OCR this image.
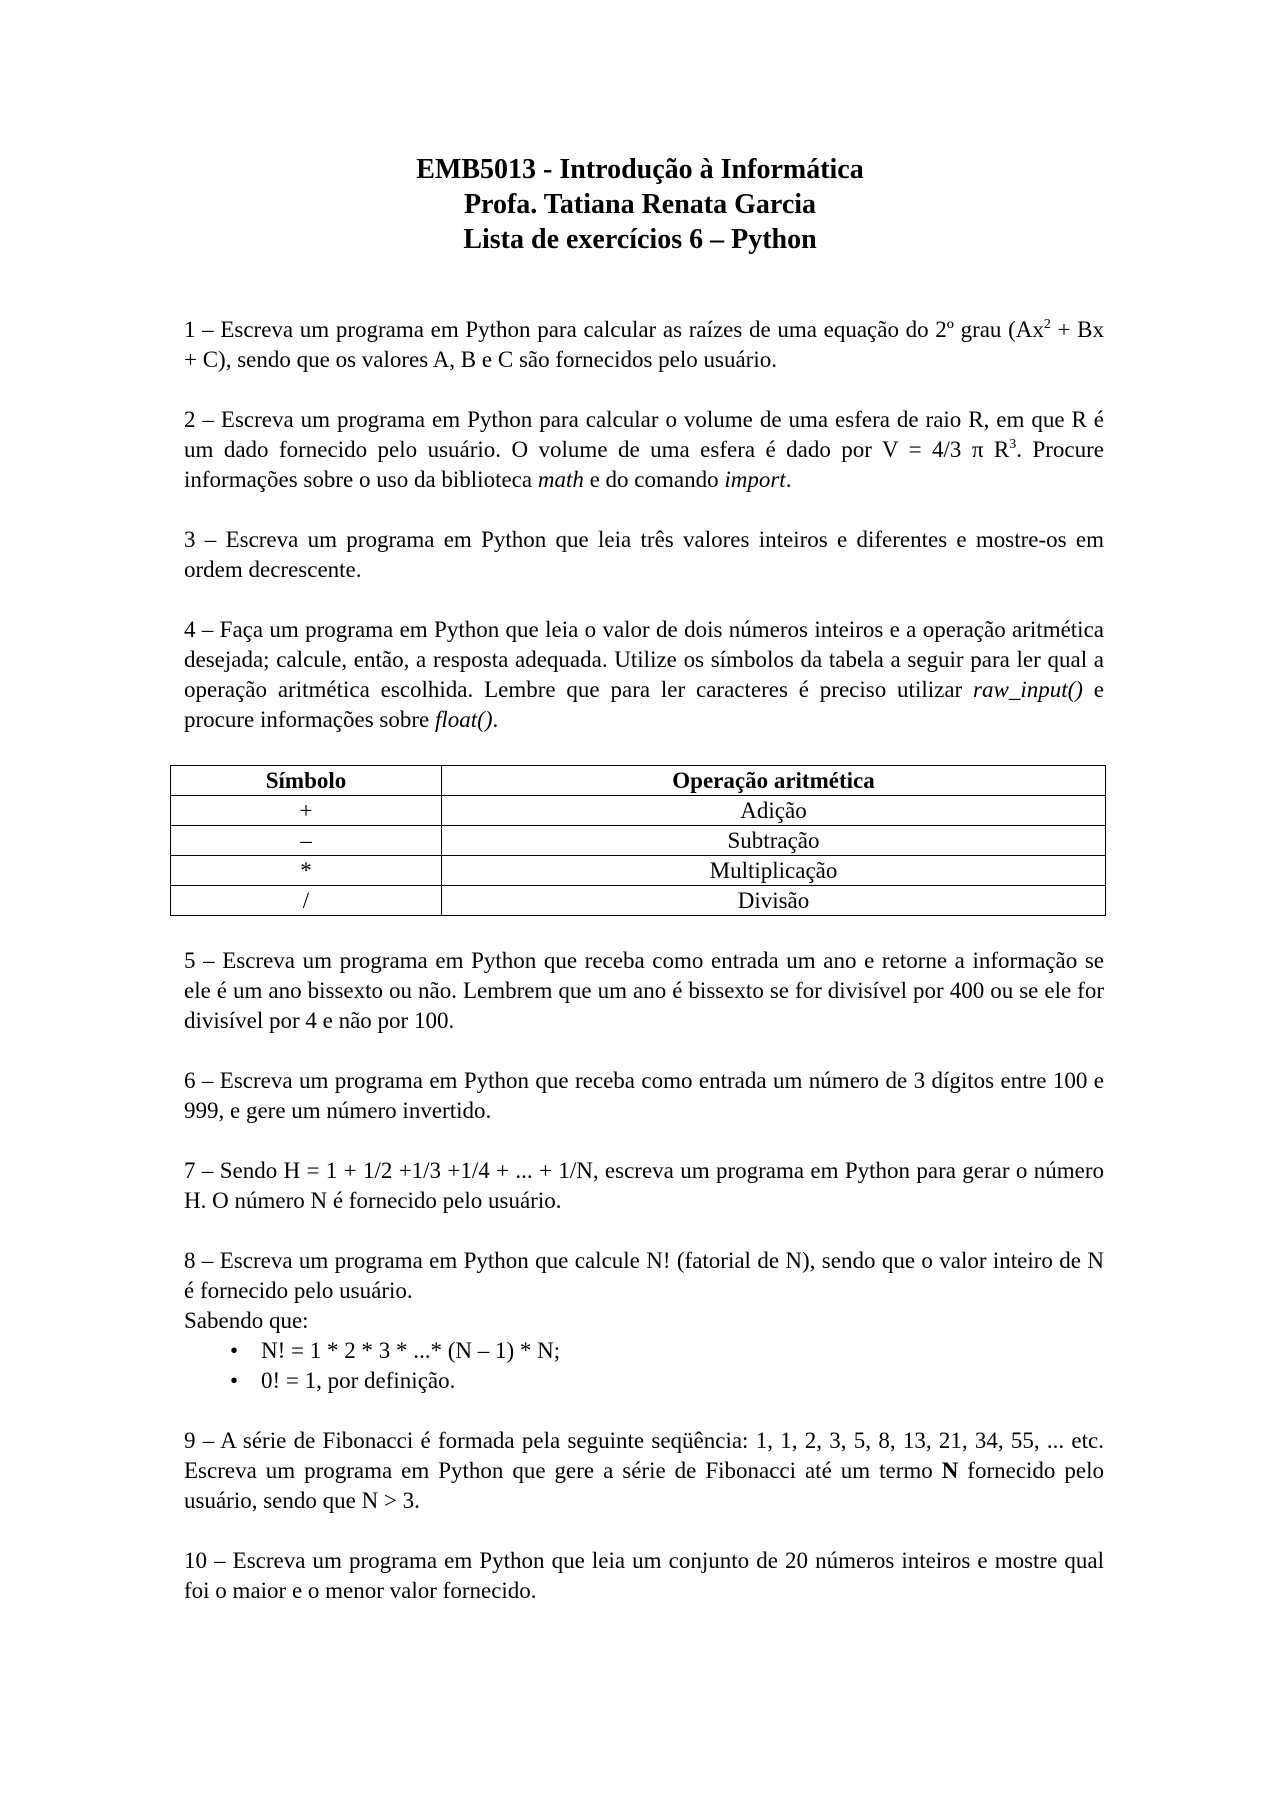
EMB5013 - Introdução à Informática
Profa. Tatiana Renata Garcia
Lista de exercícios 6 – Python

1 – Escreva um programa em Python para calcular as raízes de uma equação do 2º grau $(Ax^2 + Bx + C)$, sendo que os valores A, B e C são fornecidos pelo usuário.

2 – Escreva um programa em Python para calcular o volume de uma esfera de raio R, em que R é um dado fornecido pelo usuário. O volume de uma esfera é dado por V = 4/3 π $R^3$. Procure informações sobre o uso da biblioteca math e do comando import.

3 – Escreva um programa em Python que leia três valores inteiros e diferentes e mostre-os em ordem decrescente.

4 – Faça um programa em Python que leia o valor de dois números inteiros e a operação aritmética desejada; calcule, então, a resposta adequada. Utilize os símbolos da tabela a seguir para ler qual a operação aritmética escolhida. Lembre que para ler caracteres é preciso utilizar raw_input() e procure informações sobre float().

Símbolo	Operação aritmética
+	Adição
–	Subtração
*	Multiplicação
/	Divisão

5 – Escreva um programa em Python que receba como entrada um ano e retorne a informação se ele é um ano bissexto ou não. Lembrem que um ano é bissexto se for divisível por 400 ou se ele for divisível por 4 e não por 100.

6 – Escreva um programa em Python que receba como entrada um número de 3 dígitos entre 100 e 999, e gere um número invertido.

7 – Sendo H = 1 + 1/2 +1/3 +1/4 + ... + 1/N, escreva um programa em Python para gerar o número H. O número N é fornecido pelo usuário.

8 – Escreva um programa em Python que calcule N! (fatorial de N), sendo que o valor inteiro de N é fornecido pelo usuário.

Sabendo que:

• N! = 1 * 2 * 3 * ...* (N – 1) * N;
• 0! = 1, por definição.

9 – A série de Fibonacci é formada pela seguinte seqüência: 1, 1, 2, 3, 5, 8, 13, 21, 34, 55, ... etc. Escreva um programa em Python que gere a série de Fibonacci até um termo N fornecido pelo usuário, sendo que N > 3.

10 – Escreva um programa em Python que leia um conjunto de 20 números inteiros e mostre qual foi o maior e o menor valor fornecido.
